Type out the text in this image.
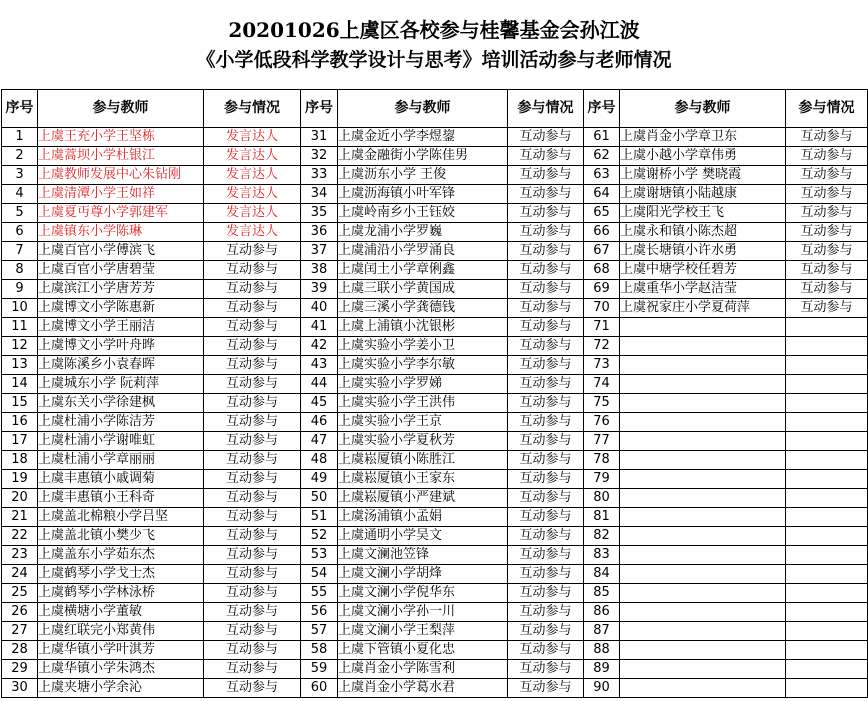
20201026上虞区各校参与桂馨基金会孙江波
《小学低段科学教学设计与思考》培训活动参与老师情况
序号	参与教师	参与情况	序号	参与教师	参与情况	序号	参与教师	参与情况
1	上虞王充小学王坚栋	发言达人	31	上虞金近小学李煜鋆	互动参与	61	上虞肖金小学章卫东	互动参与
2	上虞蒿坝小学杜银江	发言达人	32	上虞金融街小学陈佳男	互动参与	62	上虞小越小学章伟勇	互动参与
3	上虞教师发展中心朱钻刚	发言达人	33	上虞沥东小学 王俊	互动参与	63	上虞谢桥小学 樊晓霞	互动参与
4	上虞清潭小学王如祥	发言达人	34	上虞沥海镇小叶军锋	互动参与	64	上虞谢塘镇小陆越康	互动参与
5	上虞夏丏尊小学郭建军	发言达人	35	上虞岭南乡小王钰姣	互动参与	65	上虞阳光学校王飞	互动参与
6	上虞镇东小学陈琳	发言达人	36	上虞龙浦小学罗巍	互动参与	66	上虞永和镇小陈杰超	互动参与
7	上虞百官小学傅滨飞	互动参与	37	上虞浦沿小学罗涌良	互动参与	67	上虞长塘镇小许水勇	互动参与
8	上虞百官小学唐碧莹	互动参与	38	上虞闰土小学章俐鑫	互动参与	68	上虞中塘学校任碧芳	互动参与
9	上虞滨江小学唐芳芳	互动参与	39	上虞三联小学黄国成	互动参与	69	上虞重华小学赵洁莹	互动参与
10	上虞博文小学陈惠新	互动参与	40	上虞三溪小学龚德钱	互动参与	70	上虞祝家庄小学夏荷萍	互动参与
11	上虞博文小学王丽洁	互动参与	41	上虞上浦镇小沈银彬	互动参与	71		
12	上虞博文小学叶舟晔	互动参与	42	上虞实验小学姜小卫	互动参与	72		
13	上虞陈溪乡小袁春晖	互动参与	43	上虞实验小学李尔敏	互动参与	73		
14	上虞城东小学 阮莉萍	互动参与	44	上虞实验小学罗娣	互动参与	74		
15	上虞东关小学徐建枫	互动参与	45	上虞实验小学王洪伟	互动参与	75		
16	上虞杜浦小学陈洁芳	互动参与	46	上虞实验小学王京	互动参与	76		
17	上虞杜浦小学谢唯虹	互动参与	47	上虞实验小学夏秋芳	互动参与	77		
18	上虞杜浦小学章丽丽	互动参与	48	上虞崧厦镇小陈胜江	互动参与	78		
19	上虞丰惠镇小戚调菊	互动参与	49	上虞崧厦镇小王家东	互动参与	79		
20	上虞丰惠镇小王科奇	互动参与	50	上虞崧厦镇小严建斌	互动参与	80		
21	上虞盖北棉粮小学吕坚	互动参与	51	上虞汤浦镇小孟娟	互动参与	81		
22	上虞盖北镇小樊少飞	互动参与	52	上虞通明小学吴文	互动参与	82		
23	上虞盖东小学茹东杰	互动参与	53	上虞文澜池笠锋	互动参与	83		
24	上虞鹤琴小学戈士杰	互动参与	54	上虞文澜小学胡烽	互动参与	84		
25	上虞鹤琴小学林泳桥	互动参与	55	上虞文澜小学倪华东	互动参与	85		
26	上虞横塘小学董敏	互动参与	56	上虞文澜小学孙一川	互动参与	86		
27	上虞红联完小郑黄伟	互动参与	57	上虞文澜小学王梨萍	互动参与	87		
28	上虞华镇小学叶淇芳	互动参与	58	上虞下管镇小夏化忠	互动参与	88		
29	上虞华镇小学朱鸿杰	互动参与	59	上虞肖金小学陈雪利	互动参与	89		
30	上虞夹塘小学余沁	互动参与	60	上虞肖金小学葛水君	互动参与	90		
